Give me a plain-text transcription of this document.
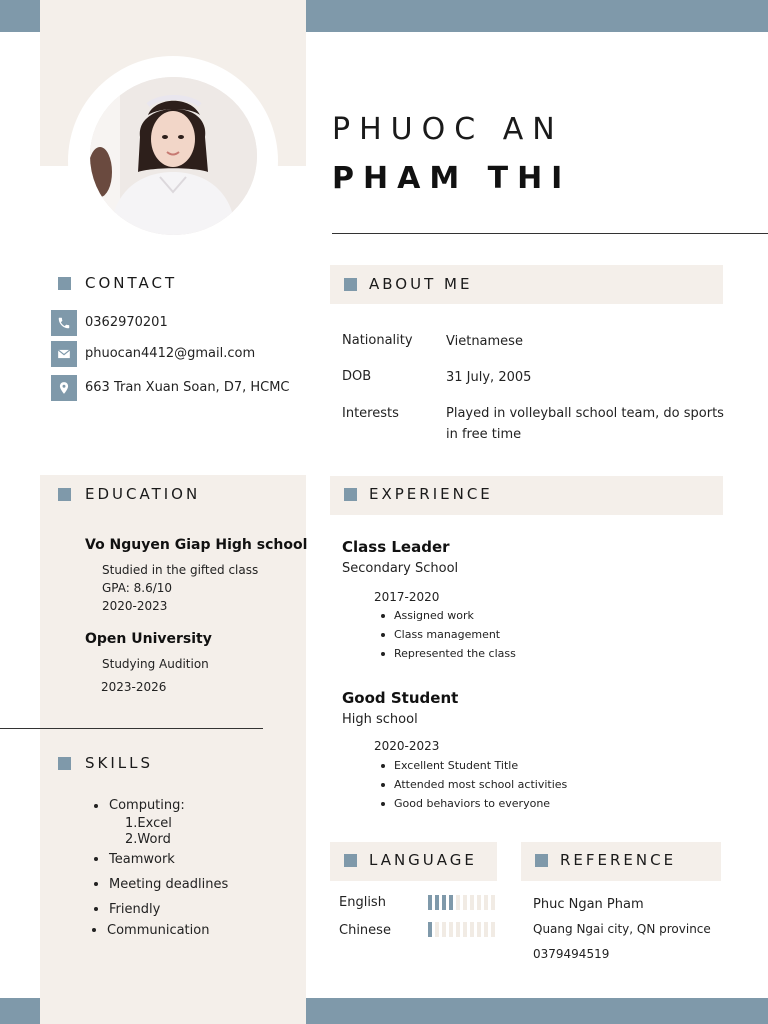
PHUOC AN
PHAM THI
CONTACT
0362970201
phuocan4412@gmail.com
663 Tran Xuan Soan, D7, HCMC
ABOUT ME
Nationality	Vietnamese
DOB	31 July, 2005
Interests	Played in volleyball school team, do sports in free time
EDUCATION
Vo Nguyen Giap High school
Studied in the gifted class
GPA: 8.6/10
2020-2023
Open University
Studying Audition
2023-2026
SKILLS
Computing:
1.Excel
2.Word
Teamwork
Meeting deadlines
Friendly
Communication
EXPERIENCE
Class Leader
Secondary School
2017-2020
Assigned work
Class management
Represented the class
Good Student
High school
2020-2023
Excellent Student Title
Attended most school activities
Good behaviors to everyone
LANGUAGE
English
Chinese
REFERENCE
Phuc Ngan Pham
Quang Ngai city, QN province
0379494519
